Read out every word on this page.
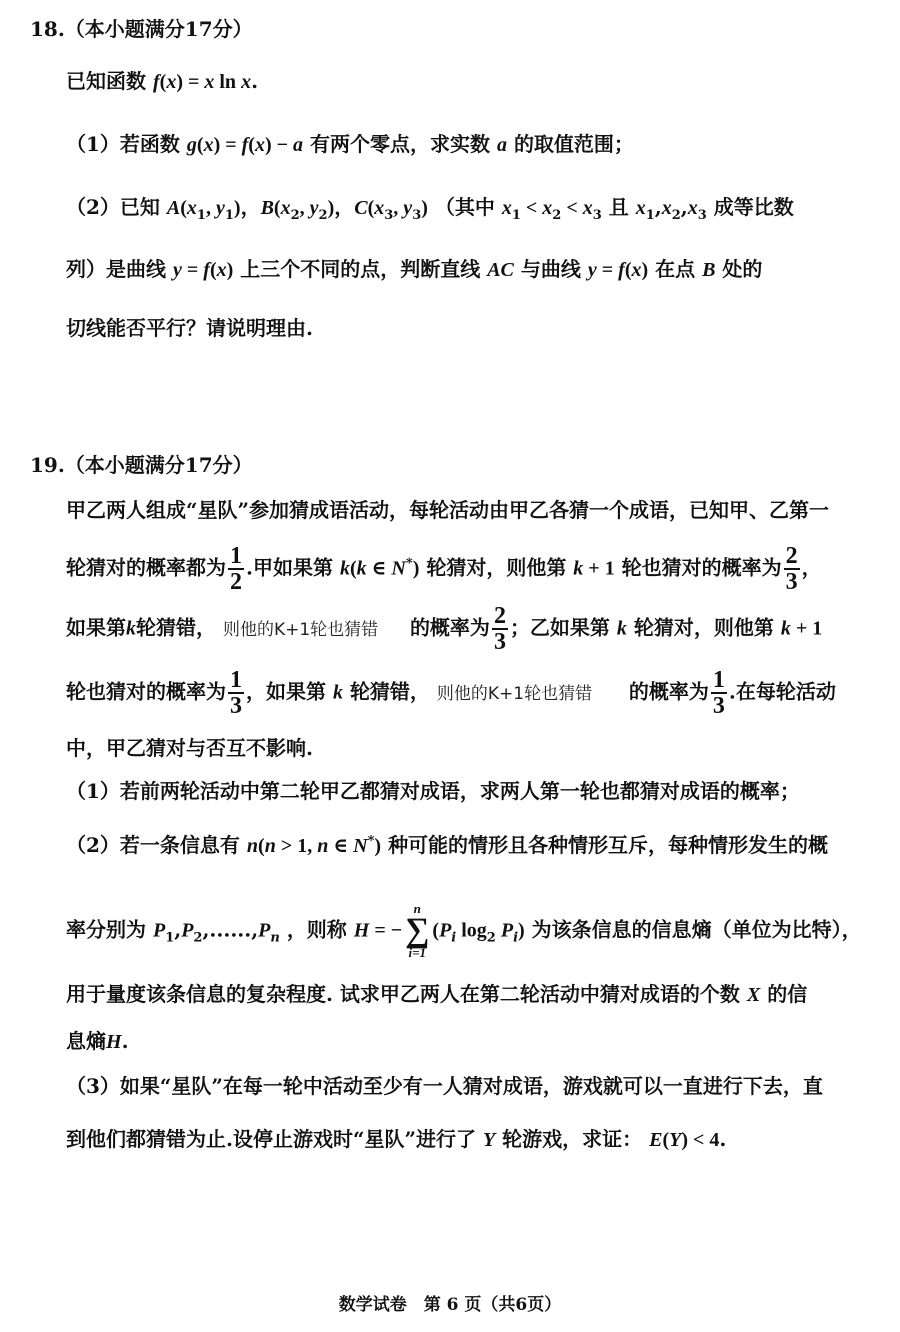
18.（本小题满分17分）
已知函数 f(x) = x ln x.
（1）若函数 g(x) = f(x) − a 有两个零点，求实数 a 的取值范围；
（2）已知 $A(x_1$, $y_1$)，$B(x_2$, $y_2$)，$C(x_3$, $y_3$) （其中 $x_1 < x_2 < x_3$ 且 $x_1,x_2,x_3$ 成等比数
列）是曲线 y = f(x) 上三个不同的点，判断直线 AC 与曲线 y = f(x) 在点 B 处的
切线能否平行？请说明理由.
19.（本小题满分17分）
甲乙两人组成“星队”参加猜成语活动，每轮活动由甲乙各猜一个成语，已知甲、乙第一
轮猜对的概率都为 $\frac{1}{2}$ .甲如果第 k(k ∈ N*) 轮猜对，则他第 k + 1 轮也猜对的概率为 $\frac{2}{3}$ ，
如果第k轮猜错， 则他的K+1轮也猜错 的概率为 $\frac{2}{3}$ ；乙如果第 k 轮猜对，则他第 k + 1
轮也猜对的概率为 $\frac{1}{3}$ ，如果第 k 轮猜错， 则他的K+1轮也猜错 的概率为 $\frac{1}{3}$ .在每轮活动
中，甲乙猜对与否互不影响.
（1）若前两轮活动中第二轮甲乙都猜对成语，求两人第一轮也都猜对成语的概率；
（2）若一条信息有 n(n > 1, n ∈ N*) 种可能的情形且各种情形互斥，每种情形发生的概
率分别为 $P_1,P_2,......,P_n$ ，则称 H = −
n
∑
i=1
($P_i$ $\log_2 P_i$) 为该条信息的信息熵（单位为比特），
用于量度该条信息的复杂程度. 试求甲乙两人在第二轮活动中猜对成语的个数 X 的信
息熵H.
（3）如果“星队”在每一轮中活动至少有一人猜对成语，游戏就可以一直进行下去，直
到他们都猜错为止.设停止游戏时“星队”进行了 Y 轮游戏，求证： E(Y) < 4.
数学试卷　第 6 页（共6页）
